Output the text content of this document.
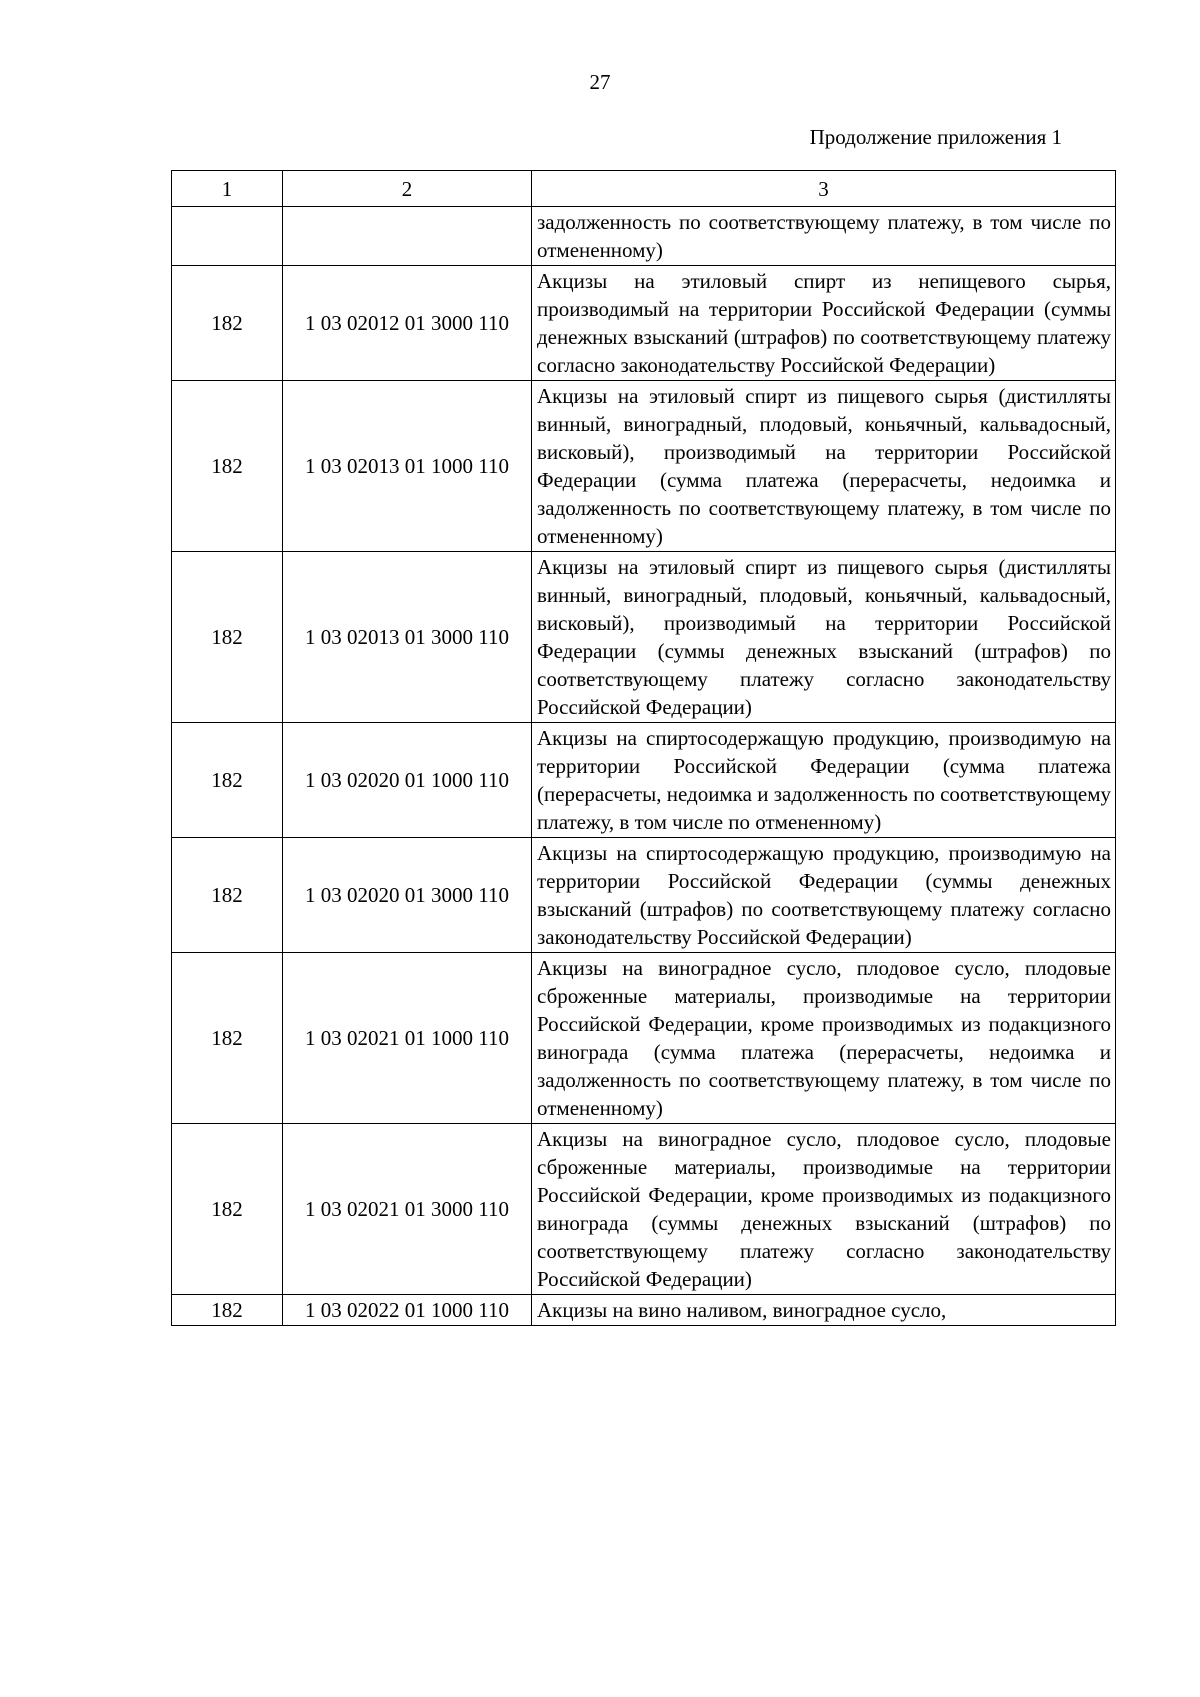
27
Продолжение приложения 1
1	2	3
		задолженность по соответствующему платежу, в том числе по отмененному)
182	1 03 02012 01 3000 110	Акцизы на этиловый спирт из непищевого сырья, производимый на территории Российской Федерации (суммы денежных взысканий (штрафов) по соответствующему платежу согласно законодательству Российской Федерации)
182	1 03 02013 01 1000 110	Акцизы на этиловый спирт из пищевого сырья (дистилляты винный, виноградный, плодовый, коньячный, кальвадосный, висковый), производимый на территории Российской Федерации (сумма платежа (перерасчеты, недоимка и задолженность по соответствующему платежу, в том числе по отмененному)
182	1 03 02013 01 3000 110	Акцизы на этиловый спирт из пищевого сырья (дистилляты винный, виноградный, плодовый, коньячный, кальвадосный, висковый), производимый на территории Российской Федерации (суммы денежных взысканий (штрафов) по соответствующему платежу согласно законодательству Российской Федерации)
182	1 03 02020 01 1000 110	Акцизы на спиртосодержащую продукцию, производимую на территории Российской Федерации (сумма платежа (перерасчеты, недоимка и задолженность по соответствующему платежу, в том числе по отмененному)
182	1 03 02020 01 3000 110	Акцизы на спиртосодержащую продукцию, производимую на территории Российской Федерации (суммы денежных взысканий (штрафов) по соответствующему платежу согласно законодательству Российской Федерации)
182	1 03 02021 01 1000 110	Акцизы на виноградное сусло, плодовое сусло, плодовые сброженные материалы, производимые на территории Российской Федерации, кроме производимых из подакцизного винограда (сумма платежа (перерасчеты, недоимка и задолженность по соответствующему платежу, в том числе по отмененному)
182	1 03 02021 01 3000 110	Акцизы на виноградное сусло, плодовое сусло, плодовые сброженные материалы, производимые на территории Российской Федерации, кроме производимых из подакцизного винограда (суммы денежных взысканий (штрафов) по соответствующему платежу согласно законодательству Российской Федерации)
182	1 03 02022 01 1000 110	Акцизы на вино наливом, виноградное сусло,
